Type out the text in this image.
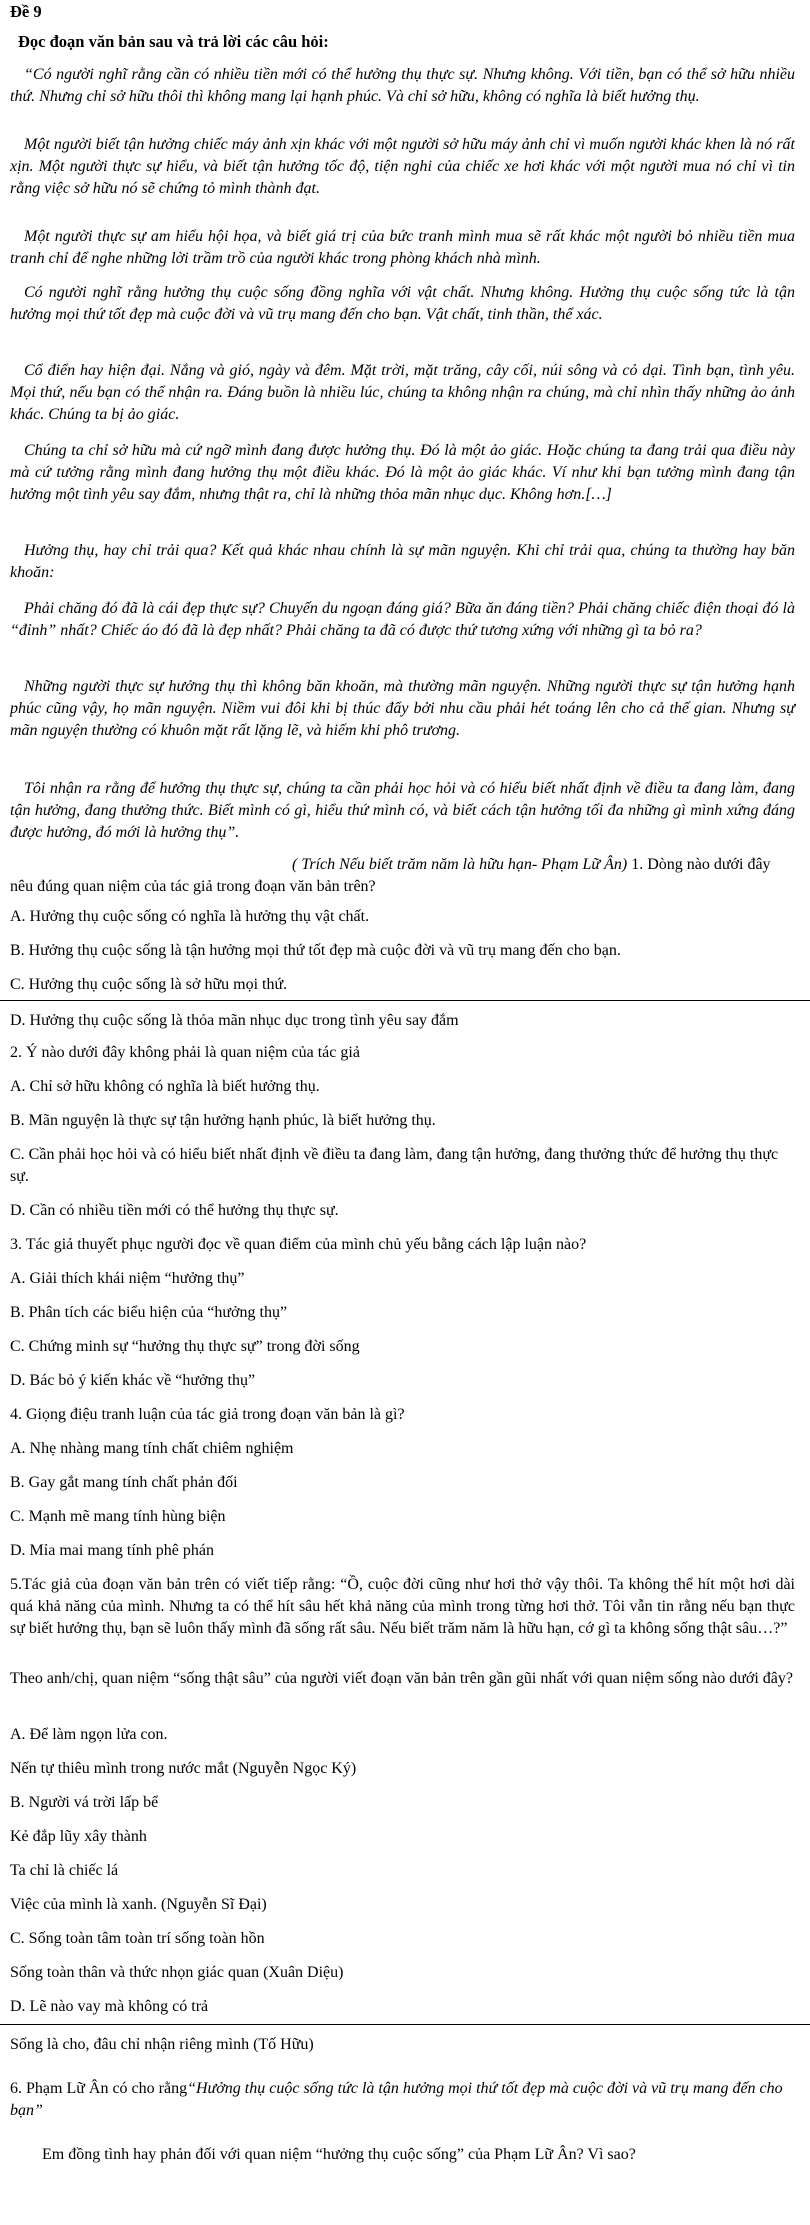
Đề 9
Đọc đoạn văn bản sau và trả lời các câu hỏi:
“Có người nghĩ rằng cần có nhiều tiền mới có thể hưởng thụ thực sự. Nhưng không. Với tiền, bạn có thể sở hữu nhiều thứ. Nhưng chỉ sở hữu thôi thì không mang lại hạnh phúc. Và chỉ sở hữu, không có nghĩa là biết hưởng thụ.
Một người biết tận hưởng chiếc máy ảnh xịn khác với một người sở hữu máy ảnh chỉ vì muốn người khác khen là nó rất xịn. Một người thực sự hiểu, và biết tận hưởng tốc độ, tiện nghi của chiếc xe hơi khác với một người mua nó chỉ vì tin rằng việc sở hữu nó sẽ chứng tỏ mình thành đạt.
Một người thực sự am hiểu hội họa, và biết giá trị của bức tranh mình mua sẽ rất khác một người bỏ nhiều tiền mua tranh chỉ để nghe những lời trầm trồ của người khác trong phòng khách nhà mình.
Có người nghĩ rằng hưởng thụ cuộc sống đồng nghĩa với vật chất. Nhưng không. Hưởng thụ cuộc sống tức là tận hưởng mọi thứ tốt đẹp mà cuộc đời và vũ trụ mang đến cho bạn. Vật chất, tinh thần, thể xác.
Cổ điển hay hiện đại. Nắng và gió, ngày và đêm. Mặt trời, mặt trăng, cây cối, núi sông và cỏ dại. Tình bạn, tình yêu. Mọi thứ, nếu bạn có thể nhận ra. Đáng buồn là nhiều lúc, chúng ta không nhận ra chúng, mà chỉ nhìn thấy những ảo ảnh khác. Chúng ta bị ảo giác.
Chúng ta chỉ sở hữu mà cứ ngỡ mình đang được hưởng thụ. Đó là một ảo giác. Hoặc chúng ta đang trải qua điều này mà cứ tưởng rằng mình đang hưởng thụ một điều khác. Đó là một ảo giác khác. Ví như khi bạn tưởng mình đang tận hưởng một tình yêu say đắm, nhưng thật ra, chỉ là những thỏa mãn nhục dục. Không hơn.[…]
Hưởng thụ, hay chỉ trải qua? Kết quả khác nhau chính là sự mãn nguyện. Khi chỉ trải qua, chúng ta thường hay băn khoăn:
Phải chăng đó đã là cái đẹp thực sự? Chuyến du ngoạn đáng giá? Bữa ăn đáng tiền? Phải chăng chiếc điện thoại đó là “đỉnh” nhất? Chiếc áo đó đã là đẹp nhất? Phải chăng ta đã có được thứ tương xứng với những gì ta bỏ ra?
Những người thực sự hưởng thụ thì không băn khoăn, mà thường mãn nguyện. Những người thực sự tận hưởng hạnh phúc cũng vậy, họ mãn nguyện. Niềm vui đôi khi bị thúc đẩy bởi nhu cầu phải hét toáng lên cho cả thế gian. Nhưng sự mãn nguyện thường có khuôn mặt rất lặng lẽ, và hiếm khi phô trương.
Tôi nhận ra rằng để hưởng thụ thực sự, chúng ta cần phải học hỏi và có hiểu biết nhất định về điều ta đang làm, đang tận hưởng, đang thưởng thức. Biết mình có gì, hiểu thứ mình có, và biết cách tận hưởng tối đa những gì mình xứng đáng được hưởng, đó mới là hưởng thụ”.
( Trích Nếu biết trăm năm là hữu hạn- Phạm Lữ Ân) 1. Dòng nào dưới đây nêu đúng quan niệm của tác giả trong đoạn văn bản trên?
A. Hưởng thụ cuộc sống có nghĩa là hưởng thụ vật chất.
B. Hưởng thụ cuộc sống là tận hưởng mọi thứ tốt đẹp mà cuộc đời và vũ trụ mang đến cho bạn.
C. Hưởng thụ cuộc sống là sở hữu mọi thứ.
D. Hưởng thụ cuộc sống là thỏa mãn nhục dục trong tình yêu say đắm
2. Ý nào dưới đây không phải là quan niệm của tác giả
A. Chỉ sở hữu không có nghĩa là biết hưởng thụ.
B. Mãn nguyện là thực sự tận hưởng hạnh phúc, là biết hưởng thụ.
C. Cần phải học hỏi và có hiểu biết nhất định về điều ta đang làm, đang tận hưởng, đang thưởng thức để hưởng thụ thực sự.
D. Cần có nhiều tiền mới có thể hưởng thụ thực sự.
3. Tác giả thuyết phục người đọc về quan điểm của mình chủ yếu bằng cách lập luận nào?
A. Giải thích khái niệm “hưởng thụ”
B. Phân tích các biểu hiện của “hưởng thụ”
C. Chứng minh sự “hưởng thụ thực sự” trong đời sống
D. Bác bỏ ý kiến khác về “hưởng thụ”
4. Giọng điệu tranh luận của tác giả trong đoạn văn bản là gì?
A. Nhẹ nhàng mang tính chất chiêm nghiệm
B. Gay gắt mang tính chất phản đối
C. Mạnh mẽ mang tính hùng biện
D. Mỉa mai mang tính phê phán
5.Tác giả của đoạn văn bản trên có viết tiếp rằng: “Ồ, cuộc đời cũng như hơi thở vậy thôi. Ta không thể hít một hơi dài quá khả năng của mình. Nhưng ta có thể hít sâu hết khả năng của mình trong từng hơi thở. Tôi vẫn tin rằng nếu bạn thực sự biết hưởng thụ, bạn sẽ luôn thấy mình đã sống rất sâu. Nếu biết trăm năm là hữu hạn, cớ gì ta không sống thật sâu…?”
Theo anh/chị, quan niệm “sống thật sâu” của người viết đoạn văn bản trên gần gũi nhất với quan niệm sống nào dưới đây?
A. Để làm ngọn lửa con.
Nến tự thiêu mình trong nước mắt (Nguyễn Ngọc Ký)
B. Người vá trời lấp bể
Kẻ đắp lũy xây thành
Ta chỉ là chiếc lá
Việc của mình là xanh. (Nguyễn Sĩ Đại)
C. Sống toàn tâm toàn trí sống toàn hồn
Sống toàn thân và thức nhọn giác quan (Xuân Diệu)
D. Lẽ nào vay mà không có trả
Sống là cho, đâu chỉ nhận riêng mình (Tố Hữu)
6. Phạm Lữ Ân có cho rằng“Hưởng thụ cuộc sống tức là tận hưởng mọi thứ tốt đẹp mà cuộc đời và vũ trụ mang đến cho bạn”
Em đồng tình hay phản đối với quan niệm “hưởng thụ cuộc sống” của Phạm Lữ Ân? Vì sao?
